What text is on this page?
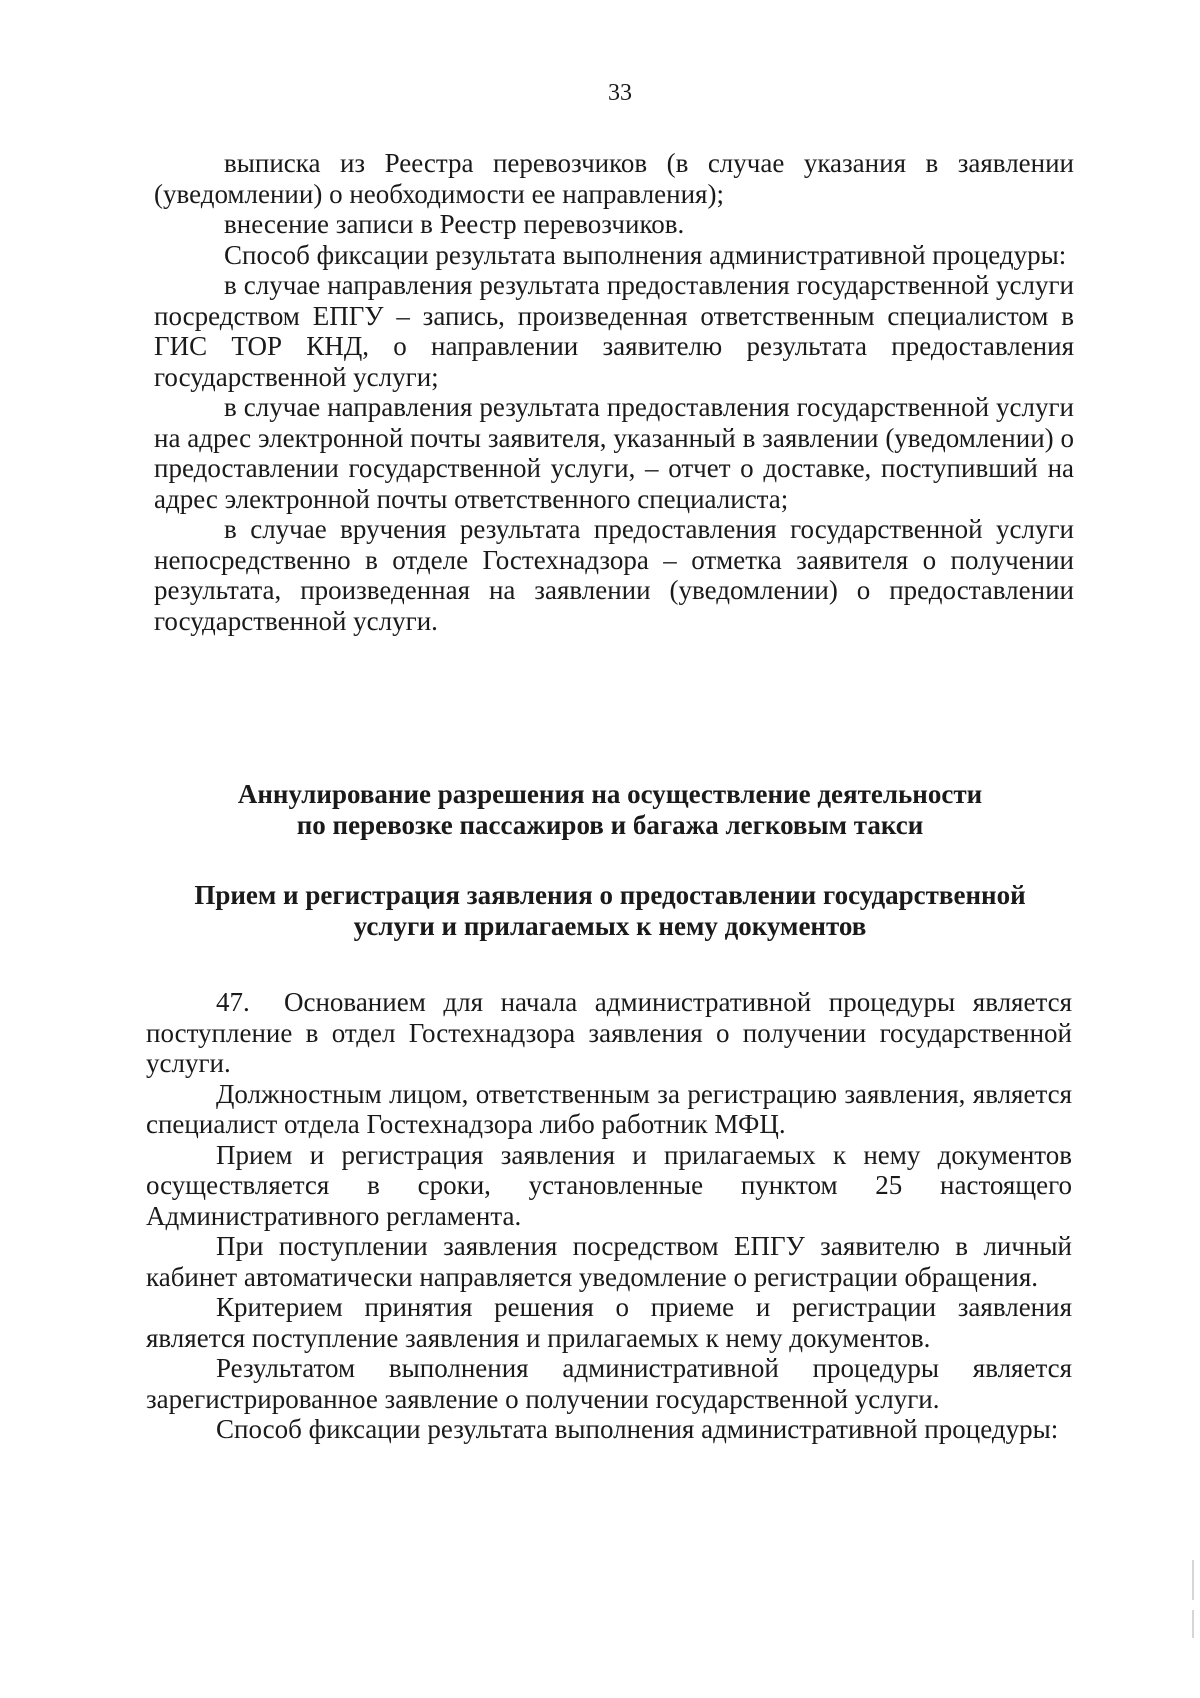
33

выписка из Реестра перевозчиков (в случае указания в заявлении (уведомлении) о необходимости ее направления);

внесение записи в Реестр перевозчиков.

Способ фиксации результата выполнения административной процедуры:

в случае направления результата предоставления государственной услуги посредством ЕПГУ – запись, произведенная ответственным специалистом в ГИС ТОР КНД, о направлении заявителю результата предоставления государственной услуги;

в случае направления результата предоставления государственной услуги на адрес электронной почты заявителя, указанный в заявлении (уведомлении) о предоставлении государственной услуги, – отчет о доставке, поступивший на адрес электронной почты ответственного специалиста;

в случае вручения результата предоставления государственной услуги непосредственно в отделе Гостехнадзора – отметка заявителя о получении результата, произведенная на заявлении (уведомлении) о предоставлении государственной услуги.

Аннулирование разрешения на осуществление деятельности
по перевозке пассажиров и багажа легковым такси
Прием и регистрация заявления о предоставлении государственной
услуги и прилагаемых к нему документов

47. Основанием для начала административной процедуры является поступление в отдел Гостехнадзора заявления о получении государственной услуги.

Должностным лицом, ответственным за регистрацию заявления, является специалист отдела Гостехнадзора либо работник МФЦ.

Прием и регистрация заявления и прилагаемых к нему документов осуществляется в сроки, установленные пунктом 25 настоящего Административного регламента.

При поступлении заявления посредством ЕПГУ заявителю в личный кабинет автоматически направляется уведомление о регистрации обращения.

Критерием принятия решения о приеме и регистрации заявления является поступление заявления и прилагаемых к нему документов.

Результатом выполнения административной процедуры является зарегистрированное заявление о получении государственной услуги.

Способ фиксации результата выполнения административной процедуры:
